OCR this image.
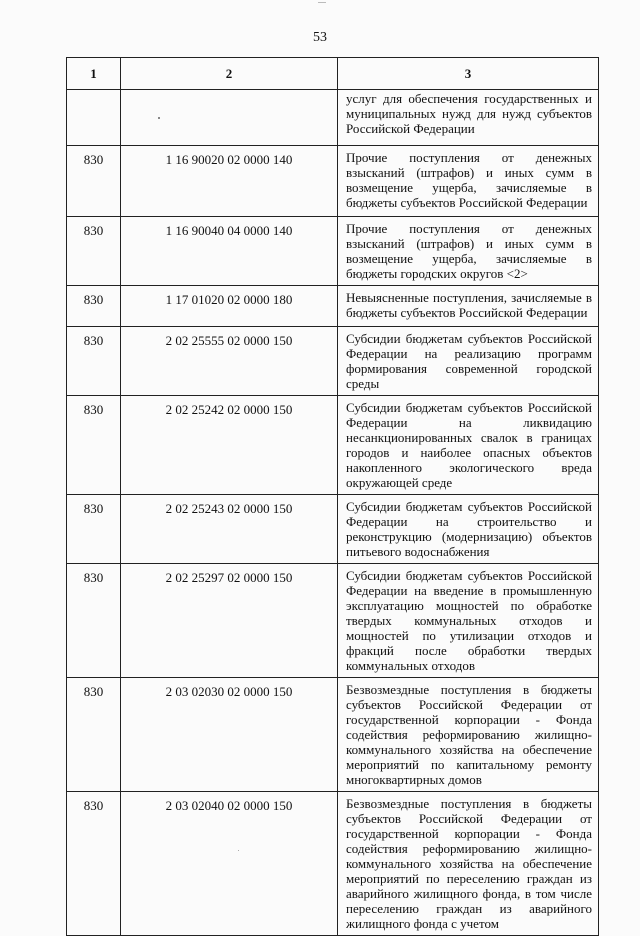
53
1	2	3
		услуг для обеспечения государственных и муниципальных нужд для нужд субъектов Российской Федерации
830	1 16 90020 02 0000 140	Прочие поступления от денежных взысканий (штрафов) и иных сумм в возмещение ущерба, зачисляемые в бюджеты субъектов Российской Федерации
830	1 16 90040 04 0000 140	Прочие поступления от денежных взысканий (штрафов) и иных сумм в возмещение ущерба, зачисляемые в бюджеты городских округов <2>
830	1 17 01020 02 0000 180	Невыясненные поступления, зачисляемые в бюджеты субъектов Российской Федерации
830	2 02 25555 02 0000 150	Субсидии бюджетам субъектов Российской Федерации на реализацию программ формирования современной городской среды
830	2 02 25242 02 0000 150	Субсидии бюджетам субъектов Российской Федерации на ликвидацию несанкционированных свалок в границах городов и наиболее опасных объектов накопленного экологического вреда окружающей среде
830	2 02 25243 02 0000 150	Субсидии бюджетам субъектов Российской Федерации на строительство и реконструкцию (модернизацию) объектов питьевого водоснабжения
830	2 02 25297 02 0000 150	Субсидии бюджетам субъектов Российской Федерации на введение в промышленную эксплуатацию мощностей по обработке твердых коммунальных отходов и мощностей по утилизации отходов и фракций после обработки твердых коммунальных отходов
830	2 03 02030 02 0000 150	Безвозмездные поступления в бюджеты субъектов Российской Федерации от государственной корпорации - Фонда содействия реформированию жилищно-коммунального хозяйства на обеспечение мероприятий по капитальному ремонту многоквартирных домов
830	2 03 02040 02 0000 150	Безвозмездные поступления в бюджеты субъектов Российской Федерации от государственной корпорации - Фонда содействия реформированию жилищно-коммунального хозяйства на обеспечение мероприятий по переселению граждан из аварийного жилищного фонда, в том числе переселению граждан из аварийного жилищного фонда с учетом
